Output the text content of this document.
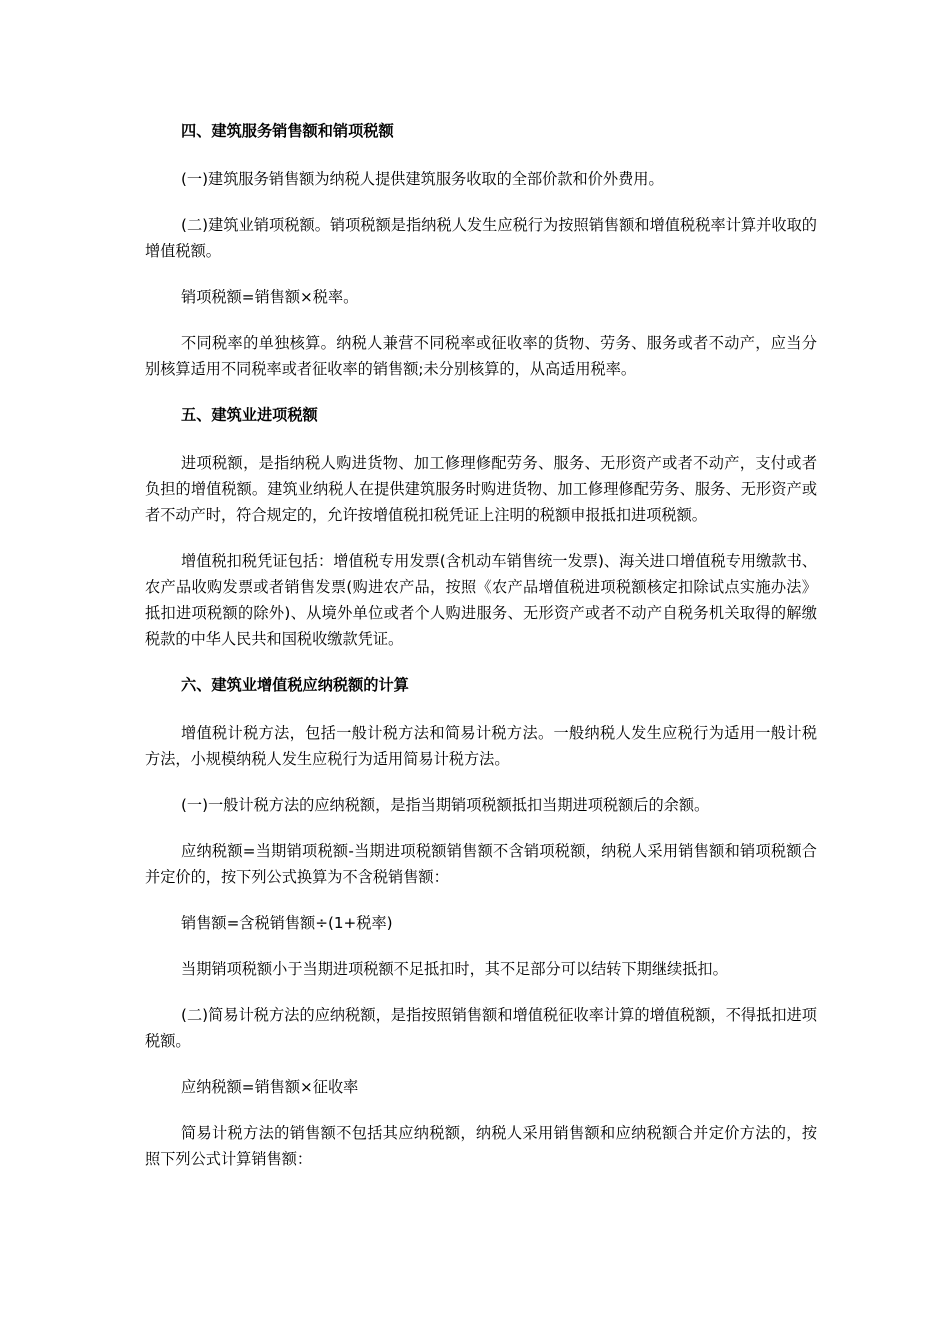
四、建筑服务销售额和销项税额
(一)建筑服务销售额为纳税人提供建筑服务收取的全部价款和价外费用。
(二)建筑业销项税额。销项税额是指纳税人发生应税行为按照销售额和增值税税率计算并收取的增值税额。
销项税额=销售额×税率。
不同税率的单独核算。纳税人兼营不同税率或征收率的货物、劳务、服务或者不动产，应当分别核算适用不同税率或者征收率的销售额;未分别核算的，从高适用税率。
五、建筑业进项税额
进项税额，是指纳税人购进货物、加工修理修配劳务、服务、无形资产或者不动产，支付或者负担的增值税额。建筑业纳税人在提供建筑服务时购进货物、加工修理修配劳务、服务、无形资产或者不动产时，符合规定的，允许按增值税扣税凭证上注明的税额申报抵扣进项税额。
增值税扣税凭证包括：增值税专用发票(含机动车销售统一发票)、海关进口增值税专用缴款书、农产品收购发票或者销售发票(购进农产品，按照《农产品增值税进项税额核定扣除试点实施办法》抵扣进项税额的除外)、从境外单位或者个人购进服务、无形资产或者不动产自税务机关取得的解缴税款的中华人民共和国税收缴款凭证。
六、建筑业增值税应纳税额的计算
增值税计税方法，包括一般计税方法和简易计税方法。一般纳税人发生应税行为适用一般计税方法，小规模纳税人发生应税行为适用简易计税方法。
(一)一般计税方法的应纳税额，是指当期销项税额抵扣当期进项税额后的余额。
应纳税额=当期销项税额-当期进项税额销售额不含销项税额，纳税人采用销售额和销项税额合并定价的，按下列公式换算为不含税销售额：
销售额=含税销售额÷(1+税率)
当期销项税额小于当期进项税额不足抵扣时，其不足部分可以结转下期继续抵扣。
(二)简易计税方法的应纳税额，是指按照销售额和增值税征收率计算的增值税额，不得抵扣进项税额。
应纳税额=销售额×征收率
简易计税方法的销售额不包括其应纳税额，纳税人采用销售额和应纳税额合并定价方法的，按照下列公式计算销售额：
